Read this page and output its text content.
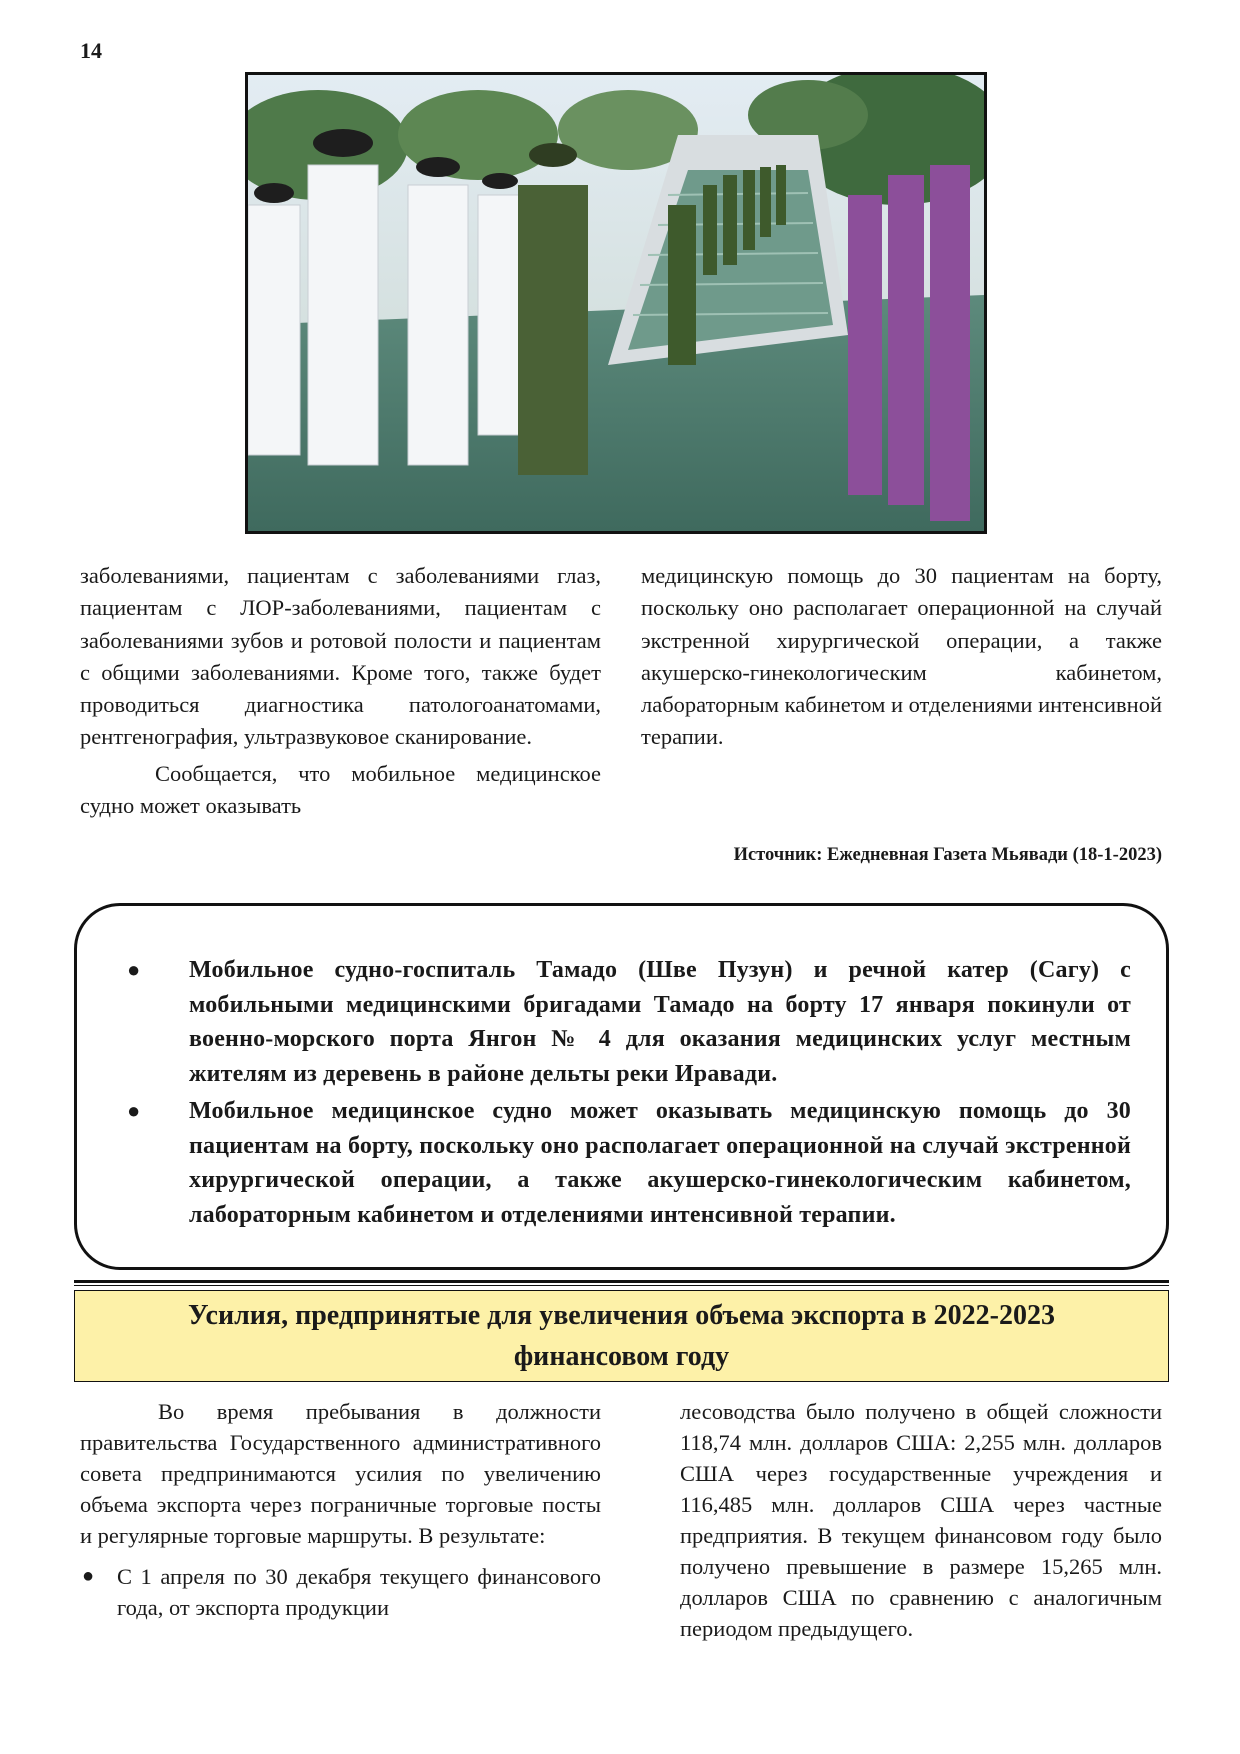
14

заболеваниями, пациентам с заболеваниями глаз, пациентам с ЛОР-заболеваниями, пациентам с заболеваниями зубов и ротовой полости и пациентам с общими заболеваниями. Кроме того, также будет проводиться диагностика патологоанатомами, рентгенография, ультразвуковое сканирование.

Сообщается, что мобильное медицинское судно может оказывать

медицинскую помощь до 30 пациентам на борту, поскольку оно располагает операционной на случай экстренной хирургической операции, а также акушерско-гинекологическим кабинетом, лабораторным кабинетом и отделениями интенсивной терапии.

Источник: Ежедневная Газета Мьявади (18-1-2023)
● Мобильное судно-госпиталь Тамадо (Шве Пузун) и речной катер (Сагу) с мобильными медицинскими бригадами Тамадо на борту 17 января покинули от военно-морского порта Янгон № 4 для оказания медицинских услуг местным жителям из деревень в районе дельты реки Иравади.
● Мобильное медицинское судно может оказывать медицинскую помощь до 30 пациентам на борту, поскольку оно располагает операционной на случай экстренной хирургической операции, а также акушерско-гинекологическим кабинетом, лабораторным кабинетом и отделениями интенсивной терапии.
Усилия, предпринятые для увеличения объема экспорта в 2022-2023 финансовом году

Во время пребывания в должности правительства Государственного административного совета предпринимаются усилия по увеличению объема экспорта через пограничные торговые посты и регулярные торговые маршруты. В результате:

● С 1 апреля по 30 декабря текущего финансового года, от экспорта продукции

лесоводства было получено в общей сложности 118,74 млн. долларов США: 2,255 млн. долларов США через государственные учреждения и 116,485 млн. долларов США через частные предприятия. В текущем финансовом году было получено превышение в размере 15,265 млн. долларов США по сравнению с аналогичным периодом предыдущего.
